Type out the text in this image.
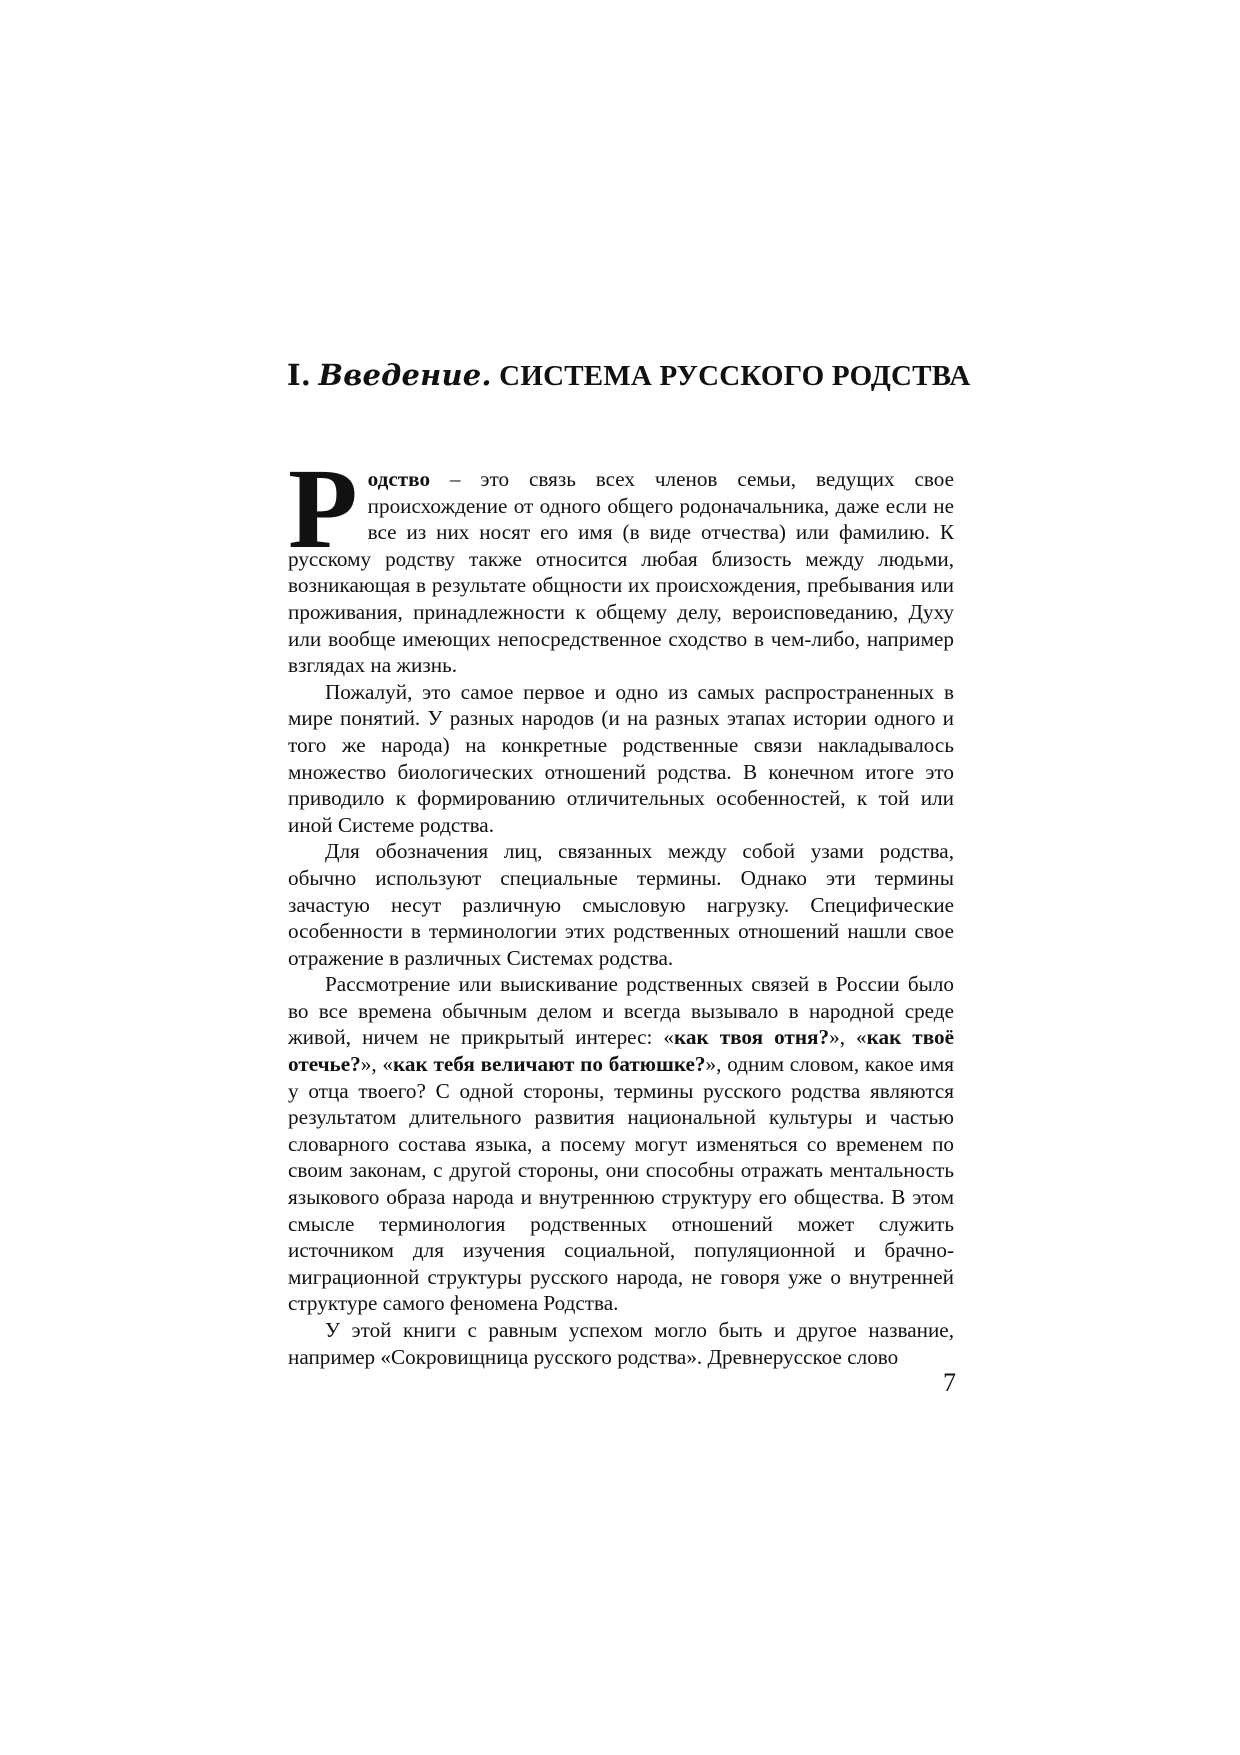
I. Введение. СИСТЕМА РУССКОГО РОДСТВА

Родство – это связь всех членов семьи, ведущих свое происхождение от одного общего родоначальника, даже если не все из них носят его имя (в виде отчества) или фамилию. К русскому родству также относится любая близость между людьми, возникающая в результате общности их происхождения, пребывания или проживания, принадлежности к общему делу, вероисповеданию, Духу или вообще имеющих непосредственное сходство в чем-либо, например взглядах на жизнь.

Пожалуй, это самое первое и одно из самых распространенных в мире понятий. У разных народов (и на разных этапах истории одного и того же народа) на конкретные родственные связи накладывалось множество биологических отношений родства. В конечном итоге это приводило к формированию отличительных особенностей, к той или иной Системе родства.

Для обозначения лиц, связанных между собой узами родства, обычно используют специальные термины. Однако эти термины зачастую несут различную смысловую нагрузку. Специфические особенности в терминологии этих родственных отношений нашли свое отражение в различных Системах родства.

Рассмотрение или выискивание родственных связей в России было во все времена обычным делом и всегда вызывало в народной среде живой, ничем не прикрытый интерес: «как твоя отня?», «как твоё отечье?», «как тебя величают по батюшке?», одним словом, какое имя у отца твоего? С одной стороны, термины русского родства являются результатом длительного развития национальной культуры и частью словарного состава языка, а посему могут изменяться со временем по своим законам, с другой стороны, они способны отражать ментальность языкового образа народа и внутреннюю структуру его общества. В этом смысле терминология родственных отношений может служить источником для изучения социальной, популяционной и брачно-миграционной структуры русского народа, не говоря уже о внутренней структуре самого феномена Родства.

У этой книги с равным успехом могло быть и другое название, например «Сокровищница русского родства». Древнерусское слово

7
